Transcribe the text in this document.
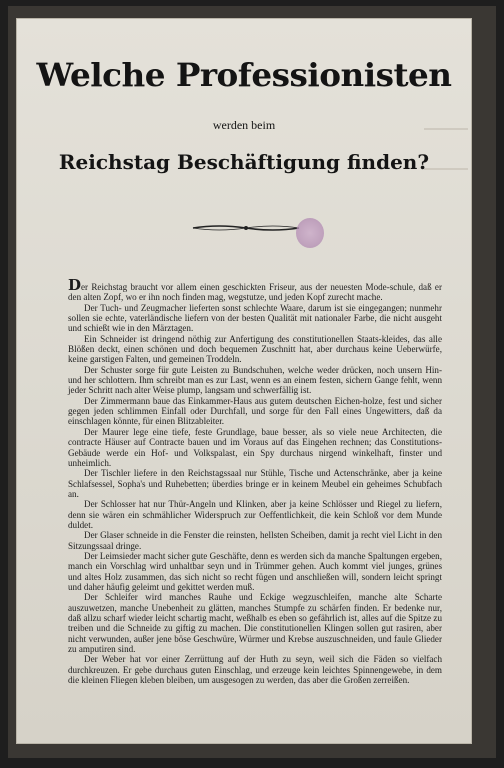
Welche Professionisten
werden beim
Reichstag Beschäftigung finden?

Der Reichstag braucht vor allem einen geschickten Friseur, aus der neuesten Mode-schule, daß er den alten Zopf, wo er ihn noch finden mag, wegstutze, und jeden Kopf zurecht mache.

Der Tuch- und Zeugmacher lieferten sonst schlechte Waare, darum ist sie eingegangen; nunmehr sollen sie echte, vaterländische liefern von der besten Qualität mit nationaler Farbe, die nicht ausgeht und schießt wie in den Märztagen.

Ein Schneider ist dringend nöthig zur Anfertigung des constitutionellen Staats-kleides, das alle Blößen deckt, einen schönen und doch bequemen Zuschnitt hat, aber durchaus keine Ueberwürfe, keine garstigen Falten, und gemeinen Troddeln.

Der Schuster sorge für gute Leisten zu Bundschuhen, welche weder drücken, noch unsern Hin- und her schlottern. Ihm schreibt man es zur Last, wenn es an einem festen, sichern Gange fehlt, wenn jeder Schritt nach alter Weise plump, langsam und schwerfällig ist.

Der Zimmermann baue das Einkammer-Haus aus gutem deutschen Eichen-holze, fest und sicher gegen jeden schlimmen Einfall oder Durchfall, und sorge für den Fall eines Ungewitters, daß da einschlagen könnte, für einen Blitzableiter.

Der Maurer lege eine tiefe, feste Grundlage, baue besser, als so viele neue Architecten, die contracte Häuser auf Contracte bauen und im Voraus auf das Eingehen rechnen; das Constitutions-Gebäude werde ein Hof- und Volkspalast, ein Spy durchaus nirgend winkelhaft, finster und unheimlich.

Der Tischler liefere in den Reichstagssaal nur Stühle, Tische und Actenschränke, aber ja keine Schlafsessel, Sopha's und Ruhebetten; überdies bringe er in keinem Meubel ein geheimes Schubfach an.

Der Schlosser hat nur Thür-Angeln und Klinken, aber ja keine Schlösser und Riegel zu liefern, denn sie wären ein schmählicher Widerspruch zur Oeffentlichkeit, die kein Schloß vor dem Munde duldet.

Der Glaser schneide in die Fenster die reinsten, hellsten Scheiben, damit ja recht viel Licht in den Sitzungssaal dringe.

Der Leimsieder macht sicher gute Geschäfte, denn es werden sich da manche Spaltungen ergeben, manch ein Vorschlag wird unhaltbar seyn und in Trümmer gehen. Auch kommt viel junges, grünes und altes Holz zusammen, das sich nicht so recht fügen und anschließen will, sondern leicht springt und daher häufig geleimt und gekittet werden muß.

Der Schleifer wird manches Rauhe und Eckige wegzuschleifen, manche alte Scharte auszuwetzen, manche Unebenheit zu glätten, manches Stumpfe zu schärfen finden. Er bedenke nur, daß allzu scharf wieder leicht schartig macht, weßhalb es eben so gefährlich ist, alles auf die Spitze zu treiben und die Schneide zu giftig zu machen. Die constitutionellen Klingen sollen gut rasiren, aber nicht verwunden, außer jene böse Geschwüre, Würmer und Krebse auszuschneiden, und faule Glieder zu amputiren sind.

Der Weber hat vor einer Zerrüttung auf der Huth zu seyn, weil sich die Fäden so vielfach durchkreuzen. Er gebe durchaus guten Einschlag, und erzeuge kein leichtes Spinnengewebe, in dem die kleinen Fliegen kleben bleiben, um ausgesogen zu werden, das aber die Großen zerreißen.
